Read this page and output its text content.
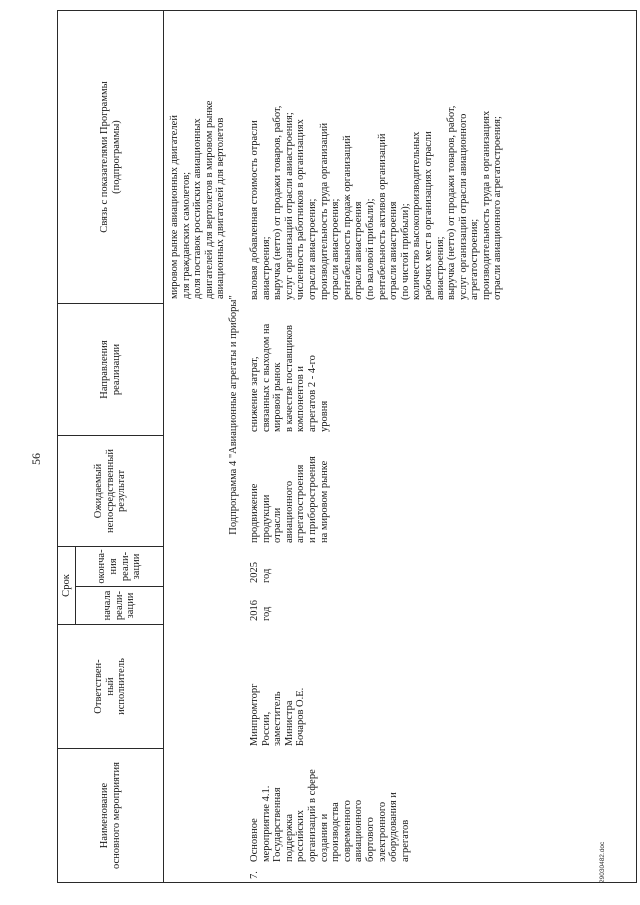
56
Наименование
основного мероприятия
Ответствен-
ный
исполнитель
Срок
начала
реали-
зации
оконча-
ния
реали-
зации
Ожидаемый
непосредственный
результат
Направления
реализации
Связь с показателями Программы
(подпрограммы)
мировом рынке авиационных двигателей
для гражданских самолетов;
доля поставок российских авиационных
двигателей для вертолетов в мировом рынке
авиационных двигателей для вертолетов
Подпрограмма 4 "Авиационные агрегаты и приборы"
7.
Основное
мероприятие 4.1.
Государственная
поддержка
российских
организаций в сфере
создания и
производства
современного
авиационного
бортового
электронного
оборудования и
агрегатов
Минпромторг
России,
заместитель
Министра
Бочаров О.Е.
2016
год
2025
год
продвижение
продукции
отрасли
авиационного
агрегатостроения
и приборостроения
на мировом рынке
снижение затрат,
связанных с выходом на
мировой рынок
в качестве поставщиков
компонентов и
агрегатов 2 - 4-го
уровня
валовая добавленная стоимость отрасли
авиастроения;
выручка (нетто) от продажи товаров, работ,
услуг организаций отрасли авиастроения;
численность работников в организациях
отрасли авиастроения;
производительность труда организаций
отрасли авиастроения;
рентабельность продаж организаций
отрасли авиастроения
(по валовой прибыли);
рентабельность активов организаций
отрасли авиастроения
(по чистой прибыли);
количество высокопроизводительных
рабочих мест в организациях отрасли
авиастроения;
выручка (нетто) от продажи товаров, работ,
услуг организаций отрасли авиационного
агрегатостроения;
производительность труда в организациях
отрасли авиационного агрегатостроения;
29030482.doc
